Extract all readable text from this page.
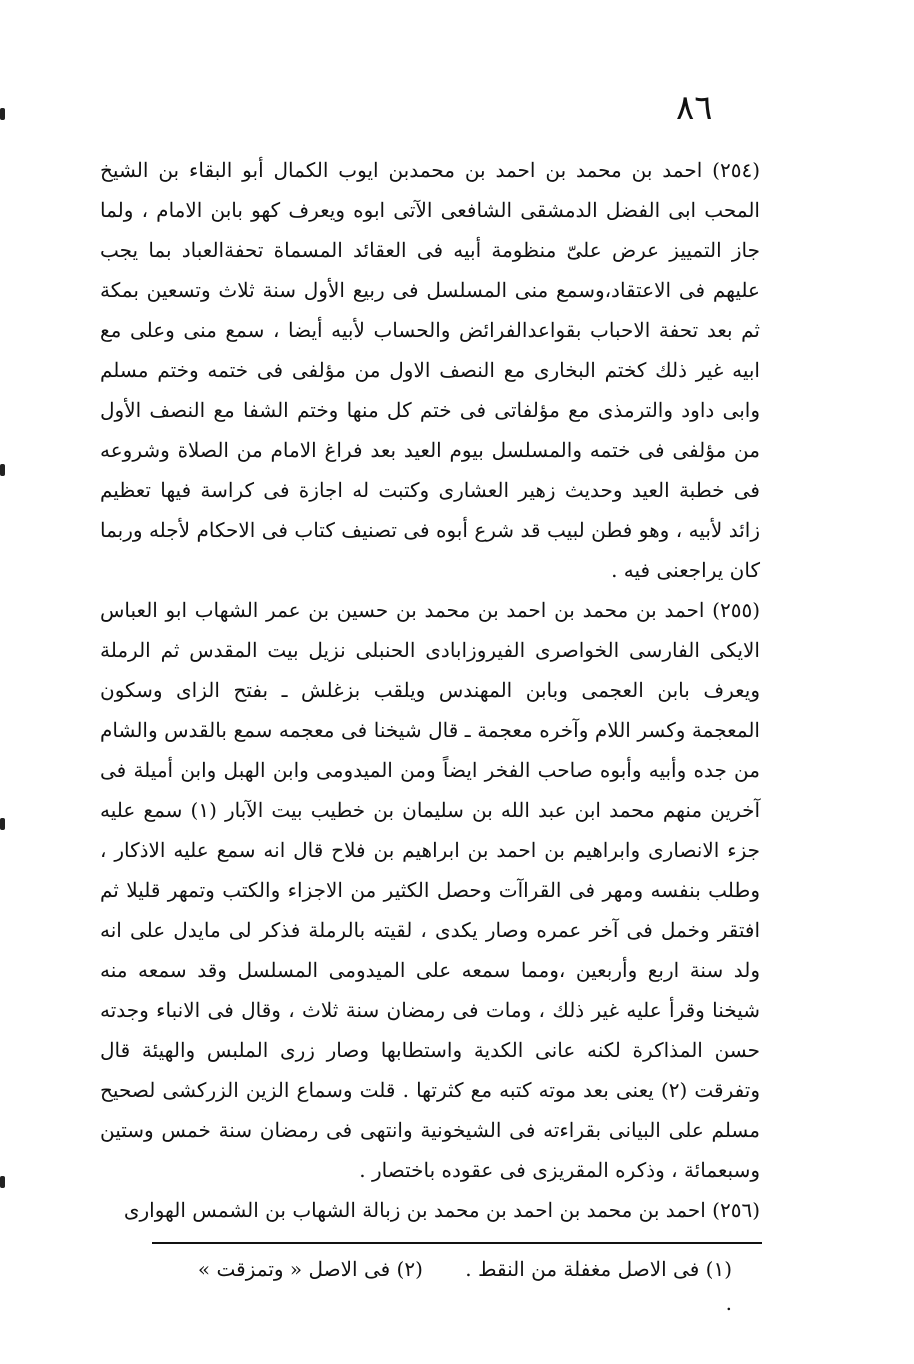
٨٦

(٢٥٤) احمد بن محمد بن احمد بن محمدبن ايوب الكمال أبو البقاء بن الشيخ المحب ابى الفضل الدمشقى الشافعى الآتى ابوه ويعرف كهو بابن الامام ، ولما جاز التمييز عرض علىّ منظومة أبيه فى العقائد المسماة تحفةالعباد بما يجب عليهم فى الاعتقاد،وسمع منى المسلسل فى ربيع الأول سنة ثلاث وتسعين بمكة ثم بعد تحفة الاحباب بقواعدالفرائض والحساب لأبيه أيضا ، سمع منى وعلى مع ابيه غير ذلك كختم البخارى مع النصف الاول من مؤلفى فى ختمه وختم مسلم وابى داود والترمذى مع مؤلفاتى فى ختم كل منها وختم الشفا مع النصف الأول من مؤلفى فى ختمه والمسلسل بيوم العيد بعد فراغ الامام من الصلاة وشروعه فى خطبة العيد وحديث زهير العشارى وكتبت له اجازة فى كراسة فيها تعظيم زائد لأبيه ، وهو فطن لبيب قد شرع أبوه فى تصنيف كتاب فى الاحكام لأجله وربما كان يراجعنى فيه .

(٢٥٥) احمد بن محمد بن احمد بن محمد بن حسين بن عمر الشهاب ابو العباس الايكى الفارسى الخواصرى الفيروزابادى الحنبلى نزيل بيت المقدس ثم الرملة ويعرف بابن العجمى وبابن المهندس ويلقب بزغلش ـ بفتح الزاى وسكون المعجمة وكسر اللام وآخره معجمة ـ قال شيخنا فى معجمه سمع بالقدس والشام من جده وأبيه وأبوه صاحب الفخر ايضاً ومن الميدومى وابن الهبل وابن أميلة فى آخرين منهم محمد ابن عبد الله بن سليمان بن خطيب بيت الآبار (١) سمع عليه جزء الانصارى وابراهيم بن احمد بن ابراهيم بن فلاح قال انه سمع عليه الاذكار ، وطلب بنفسه ومهر فى القراآت وحصل الكثير من الاجزاء والكتب وتمهر قليلا ثم افتقر وخمل فى آخر عمره وصار يكدى ، لقيته بالرملة فذكر لى مايدل على انه ولد سنة اربع وأربعين ،ومما سمعه على الميدومى المسلسل وقد سمعه منه شيخنا وقرأ عليه غير ذلك ، ومات فى رمضان سنة ثلاث ، وقال فى الانباء وجدته حسن المذاكرة لكنه عانى الكدية واستطابها وصار زرى الملبس والهيئة قال وتفرقت (٢) يعنى بعد موته كتبه مع كثرتها . قلت وسماع الزين الزركشى لصحيح مسلم على البيانى بقراءته فى الشيخونية وانتهى فى رمضان سنة خمس وستين وسبعمائة ، وذكره المقريزى فى عقوده باختصار .

(٢٥٦) احمد بن محمد بن احمد بن محمد بن زبالة الشهاب بن الشمس الهوارى

(١) فى الاصل مغفلة من النقط . (٢) فى الاصل « وتمزقت » .
